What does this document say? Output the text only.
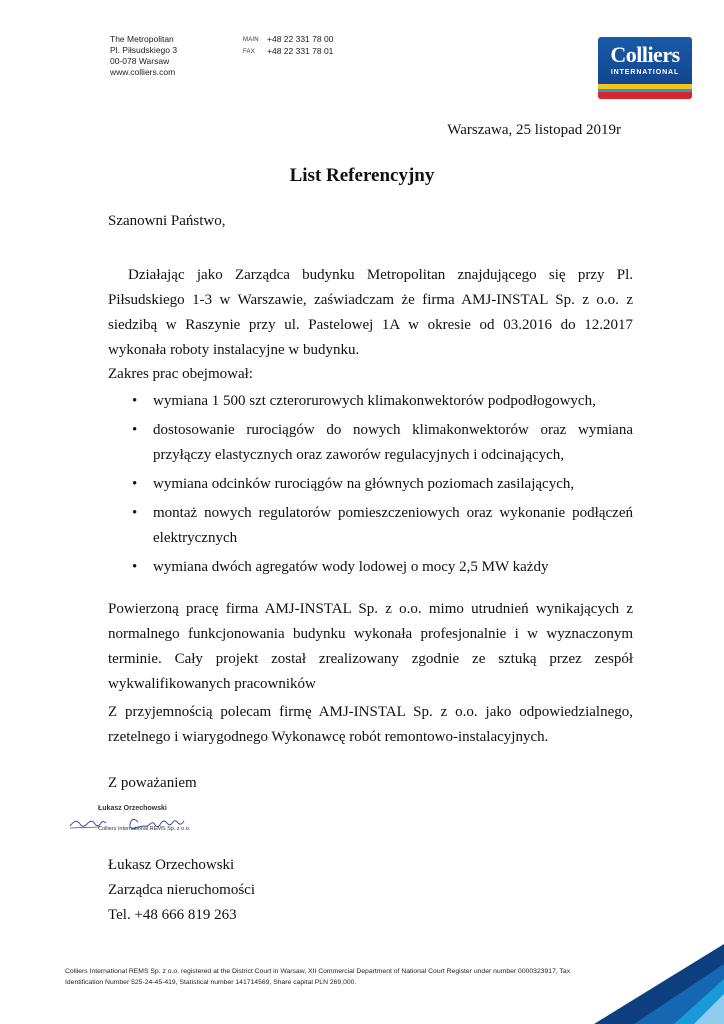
The Metropolitan
Pl. Piłsudskiego 3
00-078 Warsaw
www.colliers.com
MAIN +48 22 331 78 00
FAX	+48 22 331 78 01	Colliers
INTERNATIONAL
Warszawa, 25 listopad 2019r
List Referencyjny
Szanowni Państwo,
Działając jako Zarządca budynku Metropolitan znajdującego się przy Pl. Piłsudskiego 1-3 w Warszawie, zaświadczam że firma AMJ-INSTAL Sp. z o.o. z siedzibą w Raszynie przy ul. Pastelowej 1A w okresie od 03.2016 do 12.2017 wykonała roboty instalacyjne w budynku.
Zakres prac obejmował:
• wymiana 1 500 szt czterorurowych klimakonwektorów podpodłogowych,
• dostosowanie rurociągów do nowych klimakonwektorów oraz wymiana przyłączy elastycznych oraz zaworów regulacyjnych i odcinających,
• wymiana odcinków rurociągów na głównych poziomach zasilających,
• montaż nowych regulatorów pomieszczeniowych oraz wykonanie podłączeń elektrycznych
• wymiana dwóch agregatów wody lodowej o mocy 2,5 MW każdy
Powierzoną pracę firma AMJ-INSTAL Sp. z o.o. mimo utrudnień wynikających z normalnego funkcjonowania budynku wykonała profesjonalnie i w wyznaczonym terminie. Cały projekt został zrealizowany zgodnie ze sztuką przez zespół wykwalifikowanych pracowników
Z przyjemnością polecam firmę AMJ-INSTAL Sp. z o.o. jako odpowiedzialnego, rzetelnego i wiarygodnego Wykonawcę robót remontowo-instalacyjnych.
Z poważaniem
Łukasz Orzechowski
Colliers International REMS Sp. z o.o.
Łukasz Orzechowski
Zarządca nieruchomości
Tel. +48 666 819 263
Colliers International REMS Sp. z o.o. registered at the District Court in Warsaw, XII Commercial Department of National Court Register under number 0000323917, Tax
Identification Number 525-24-45-419, Statistical number 141714569, Share capital PLN 269,000.
